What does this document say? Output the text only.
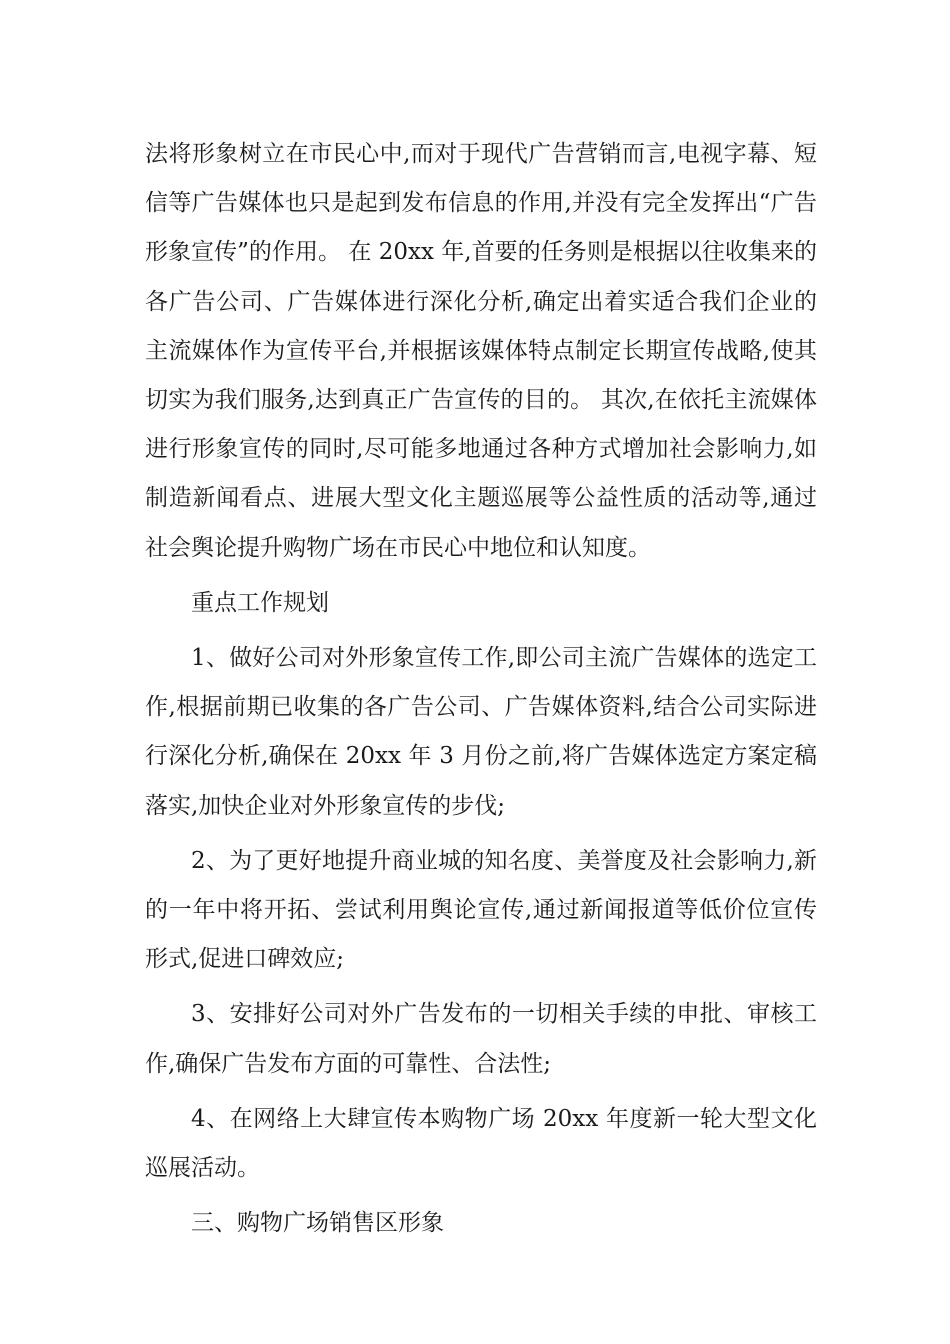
法将形象树立在市民心中,而对于现代广告营销而言,电视字幕、短信等广告媒体也只是起到发布信息的作用,并没有完全发挥出“广告形象宣传”的作用。 在 20xx 年,首要的任务则是根据以往收集来的各广告公司、广告媒体进行深化分析,确定出着实适合我们企业的主流媒体作为宣传平台,并根据该媒体特点制定长期宣传战略,使其切实为我们服务,达到真正广告宣传的目的。 其次,在依托主流媒体进行形象宣传的同时,尽可能多地通过各种方式增加社会影响力,如制造新闻看点、进展大型文化主题巡展等公益性质的活动等,通过社会舆论提升购物广场在市民心中地位和认知度。

重点工作规划

1、做好公司对外形象宣传工作,即公司主流广告媒体的选定工作,根据前期已收集的各广告公司、广告媒体资料,结合公司实际进行深化分析,确保在 20xx 年 3 月份之前,将广告媒体选定方案定稿落实,加快企业对外形象宣传的步伐;

2、为了更好地提升商业城的知名度、美誉度及社会影响力,新的一年中将开拓、尝试利用舆论宣传,通过新闻报道等低价位宣传形式,促进口碑效应;

3、安排好公司对外广告发布的一切相关手续的申批、审核工作,确保广告发布方面的可靠性、合法性;

4、在网络上大肆宣传本购物广场 20xx 年度新一轮大型文化巡展活动。

三、购物广场销售区形象
